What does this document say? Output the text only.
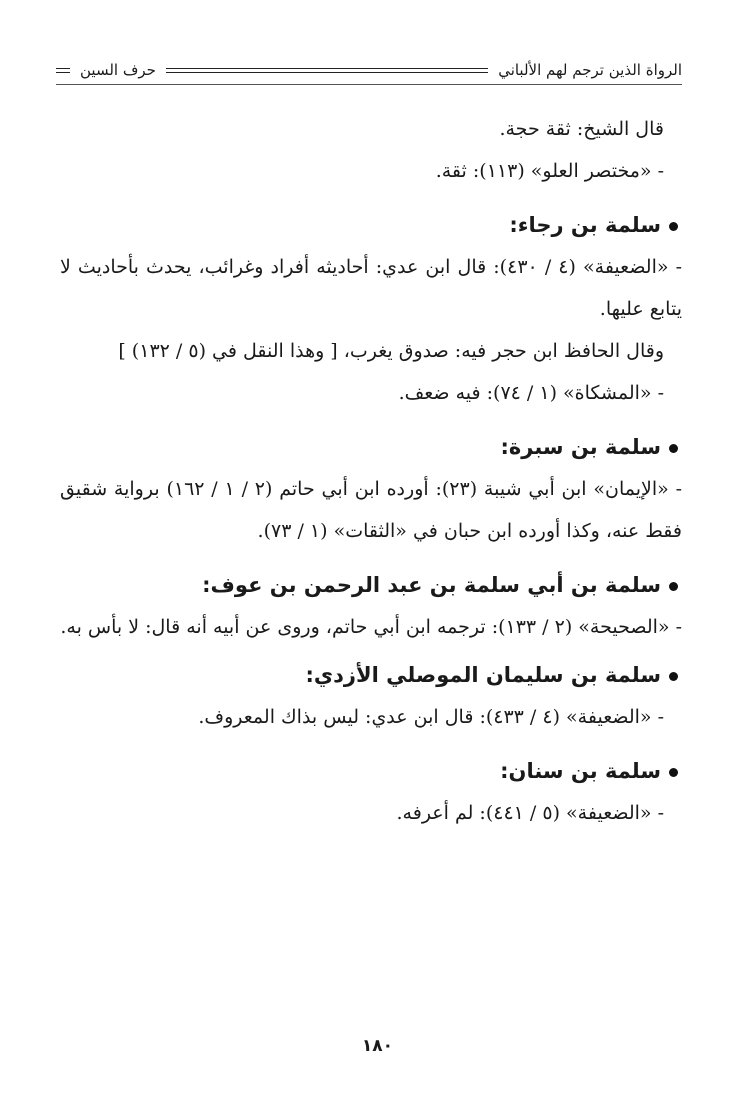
الرواة الذين ترجم لهم الألباني
حرف السين

قال الشيخ: ثقة حجة.

- «مختصر العلو» (١١٣): ثقة.

سلمة بن رجاء:

- «الضعيفة» (٤ / ٤٣٠): قال ابن عدي: أحاديثه أفراد وغرائب، يحدث بأحاديث لا يتابع عليها.

وقال الحافظ ابن حجر فيه: صدوق يغرب، [ وهذا النقل في (٥ / ١٣٢) ]

- «المشكاة» (١ / ٧٤): فيه ضعف.

سلمة بن سبرة:

- «الإيمان» ابن أبي شيبة (٢٣): أورده ابن أبي حاتم (٢ / ١ / ١٦٢) برواية شقيق فقط عنه، وكذا أورده ابن حبان في «الثقات» (١ / ٧٣).

سلمة بن أبي سلمة بن عبد الرحمن بن عوف:

- «الصحيحة» (٢ / ١٣٣): ترجمه ابن أبي حاتم، وروى عن أبيه أنه قال: لا بأس به.

سلمة بن سليمان الموصلي الأزدي:

- «الضعيفة» (٤ / ٤٣٣): قال ابن عدي: ليس بذاك المعروف.

سلمة بن سنان:

- «الضعيفة» (٥ / ٤٤١): لم أعرفه.

١٨٠
